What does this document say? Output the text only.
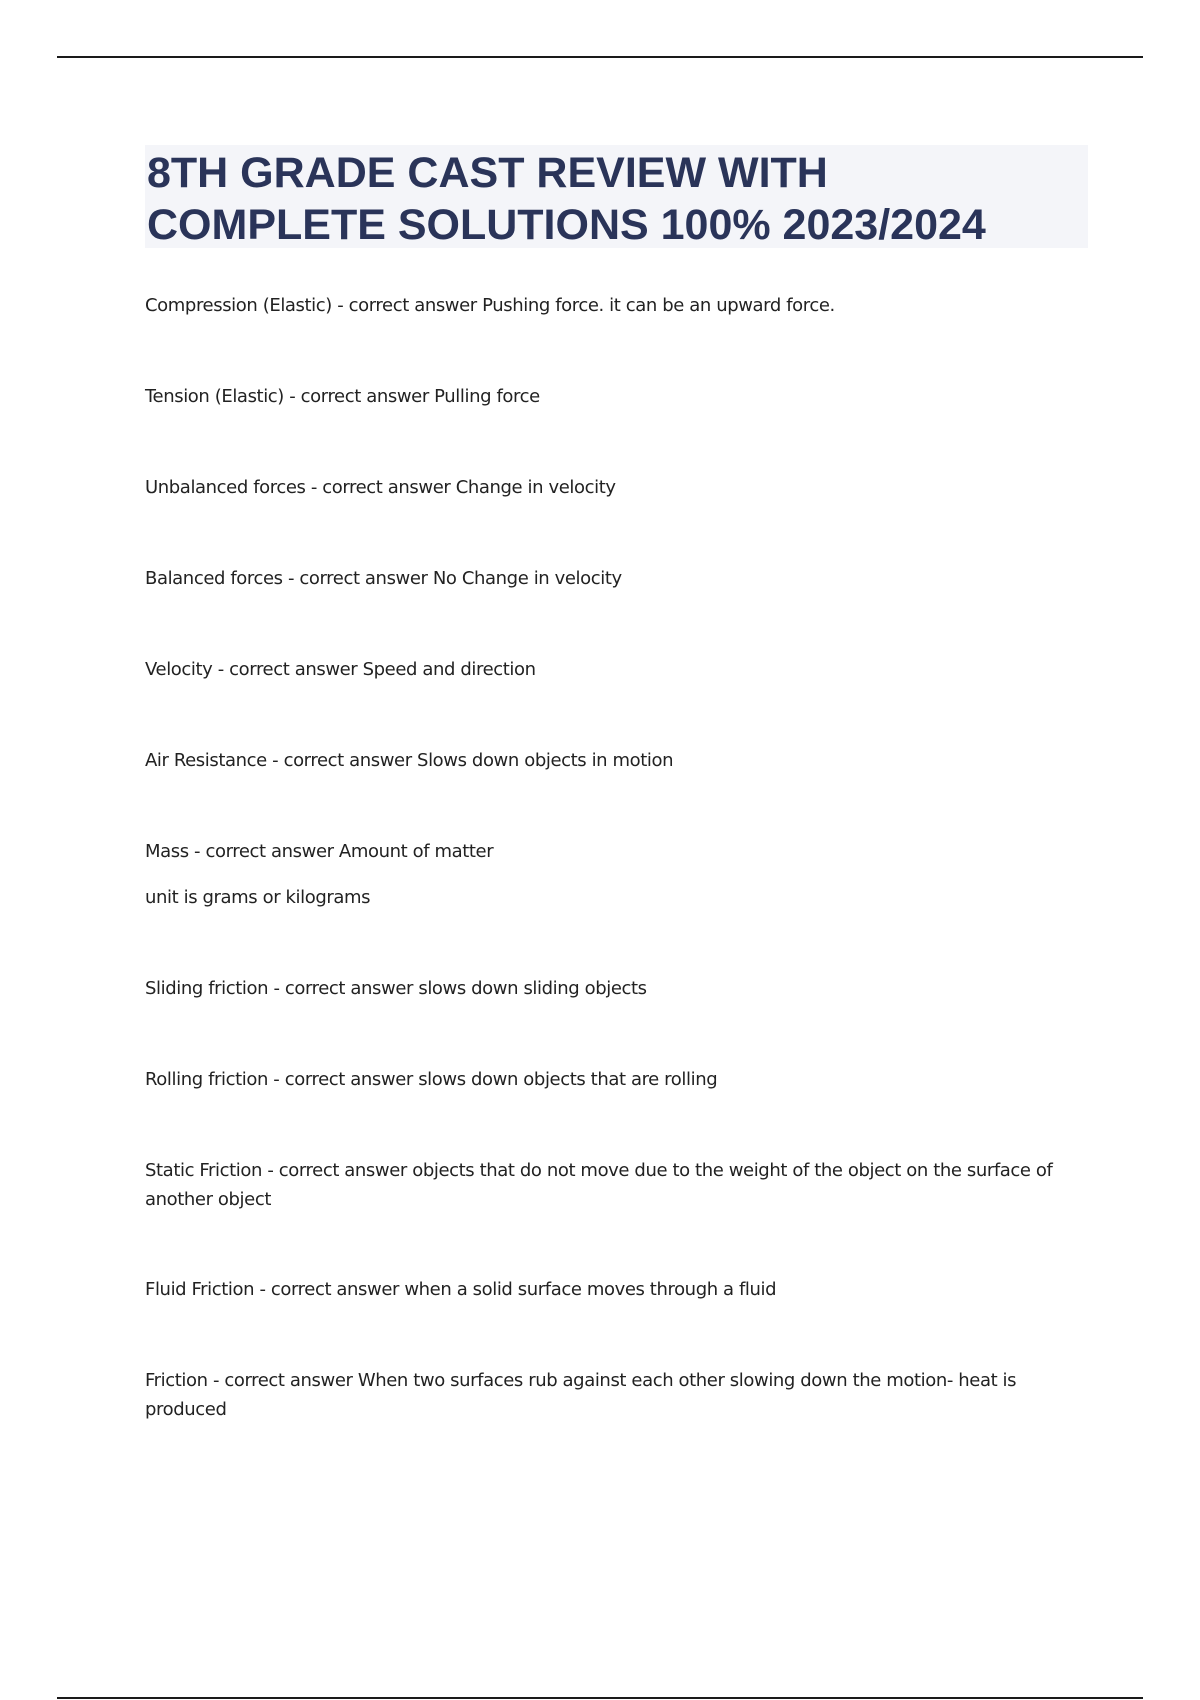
8TH GRADE CAST REVIEW WITH
COMPLETE SOLUTIONS 100% 2023/2024
Compression (Elastic) - correct answer Pushing force. it can be an upward force.
Tension (Elastic) - correct answer Pulling force
Unbalanced forces - correct answer Change in velocity
Balanced forces - correct answer No Change in velocity
Velocity - correct answer Speed and direction
Air Resistance - correct answer Slows down objects in motion
Mass - correct answer Amount of matter
unit is grams or kilograms
Sliding friction - correct answer slows down sliding objects
Rolling friction - correct answer slows down objects that are rolling
Static Friction - correct answer objects that do not move due to the weight of the object on the surface of another object
Fluid Friction - correct answer when a solid surface moves through a fluid
Friction - correct answer When two surfaces rub against each other slowing down the motion- heat is produced
